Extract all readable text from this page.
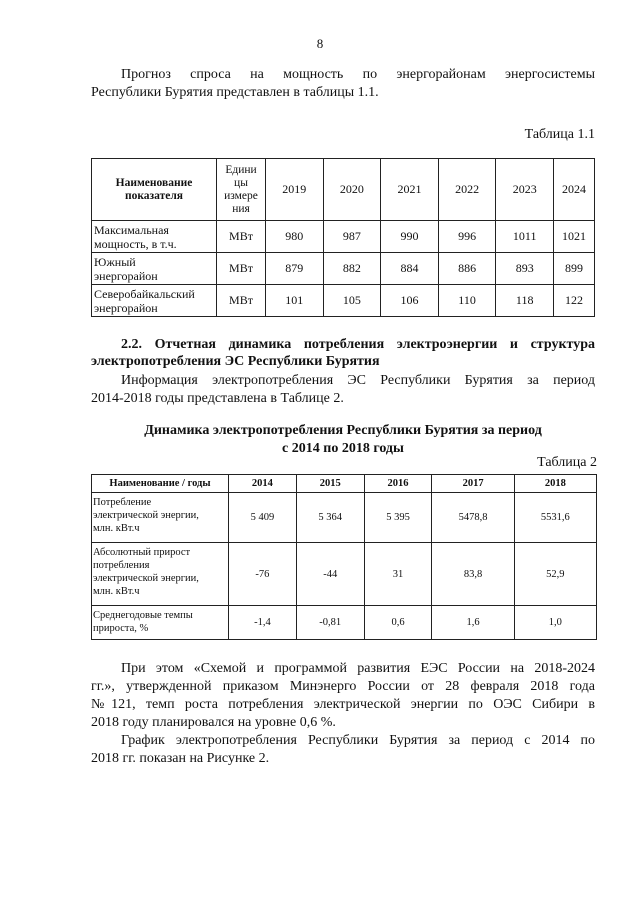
8
Прогноз спроса на мощность по энергорайонам энергосистемы
Республики Бурятия представлен в таблицы 1.1.
Таблица 1.1
Наименование
показателя	Едини
цы
измере
ния	2019	2020	2021	2022	2023	2024

Максимальная
мощность, в т.ч.	МВт	980	987	990	996	1011	1021

Южный
энергорайон	МВт	879	882	884	886	893	899

Северобайкальский
энергорайон	МВт	101	105	106	110	118	122
2.2. Отчетная динамика потребления электроэнергии и структура
электропотребления ЭС Республики Бурятия
Информация электропотребления ЭС Республики Бурятия за период
2014-2018 годы представлена в Таблице 2.
Динамика электропотребления Республики Бурятия за период
с 2014 по 2018 годы
Таблица 2
Наименование / годы	2014	2015	2016	2017	2018

Потребление
электрической энергии,
млн. кВт.ч	5 409	5 364	5 395	5478,8	5531,6

Абсолютный прирост
потребления
электрической энергии,
млн. кВт.ч	-76	-44	31	83,8	52,9

Среднегодовые темпы
прироста, %	-1,4	-0,81	0,6	1,6	1,0
При этом «Схемой и программой развития ЕЭС России на 2018-2024
гг.», утвержденной приказом Минэнерго России от 28 февраля 2018 года
№121, темп роста потребления электрической энергии по ОЭС Сибири в
2018 году планировался на уровне 0,6 %.
График электропотребления Республики Бурятия за период с 2014 по
2018 гг. показан на Рисунке 2.
